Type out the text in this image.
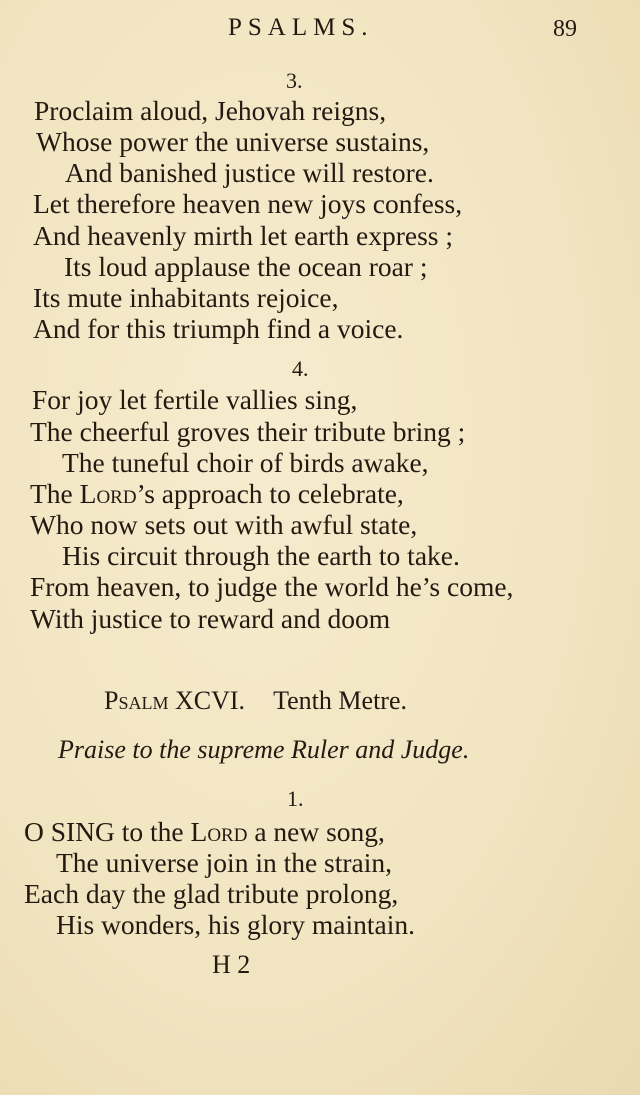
PSALMS.	89
3.
Proclaim aloud, Jehovah reigns,
Whose power the universe sustains,
And banished justice will restore.
Let therefore heaven new joys confess,
And heavenly mirth let earth express ;
Its loud applause the ocean roar ;
Its mute inhabitants rejoice,
And for this triumph find a voice.
4.
For joy let fertile vallies sing,
The cheerful groves their tribute bring ;
The tuneful choir of birds awake,
The Lord’s approach to celebrate,
Who now sets out with awful state,
His circuit through the earth to take.
From heaven, to judge the world he’s come,
With justice to reward and doom
Psalm XCVI. Tenth Metre.
Praise to the supreme Ruler and Judge.
1.
O SING to the Lord a new song,
The universe join in the strain,
Each day the glad tribute prolong,
His wonders, his glory maintain.
H 2
